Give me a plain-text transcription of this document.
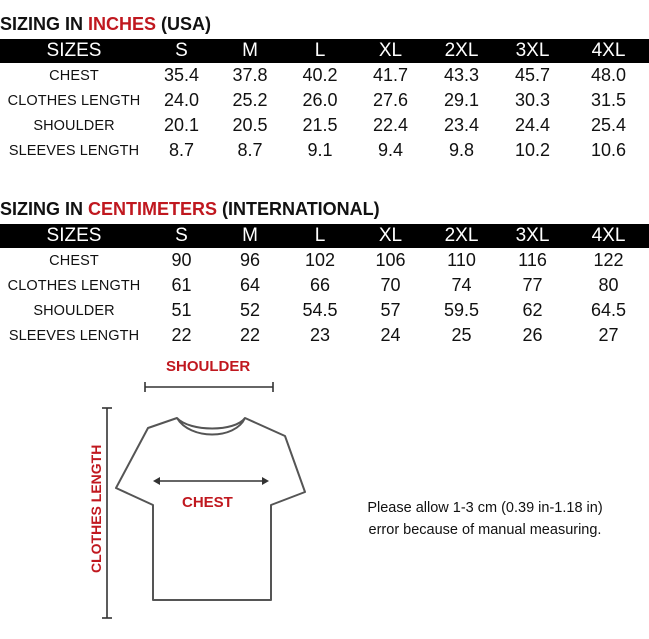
SIZING IN INCHES (USA)
SIZES	S	M	L	XL	2XL	3XL	4XL
CHEST	35.4	37.8	40.2	41.7	43.3	45.7	48.0
CLOTHES LENGTH	24.0	25.2	26.0	27.6	29.1	30.3	31.5
SHOULDER	20.1	20.5	21.5	22.4	23.4	24.4	25.4
SLEEVES LENGTH	8.7	8.7	9.1	9.4	9.8	10.2	10.6
SIZING IN CENTIMETERS (INTERNATIONAL)
SIZES	S	M	L	XL	2XL	3XL	4XL
CHEST	90	96	102	106	110	116	122
CLOTHES LENGTH	61	64	66	70	74	77	80
SHOULDER	51	52	54.5	57	59.5	62	64.5
SLEEVES LENGTH	22	22	23	24	25	26	27
SHOULDER
CHEST
CLOTHES LENGTH	Please allow 1-3 cm (0.39 in-1.18 in)
error because of manual measuring.
